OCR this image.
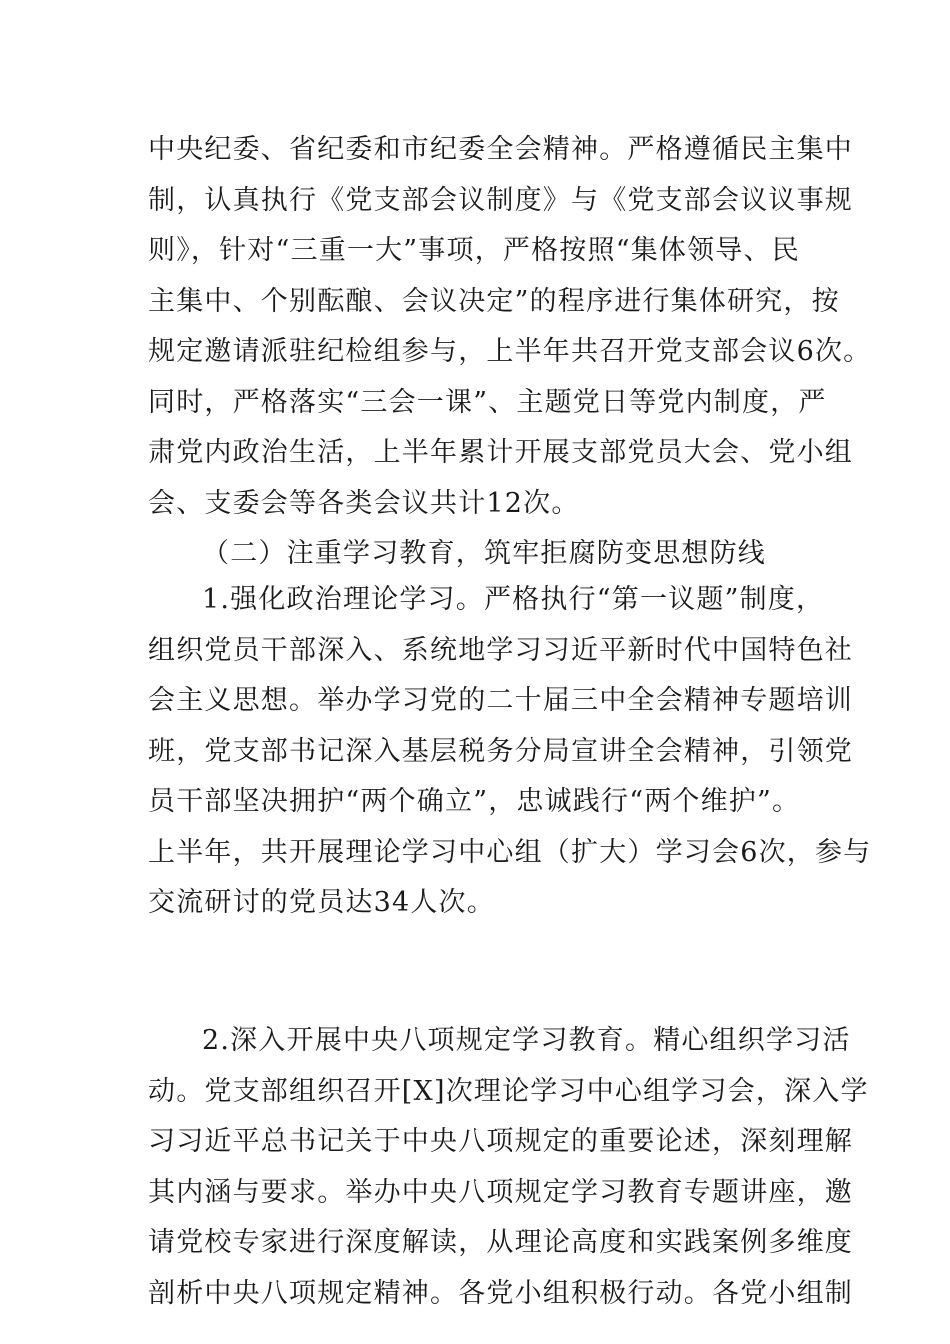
中央纪委、省纪委和市纪委全会精神。严格遵循民主集中
制，认真执行《党支部会议制度》与《党支部会议议事规
则》，针对“三重一大”事项，严格按照“集体领导、民
主集中、个别酝酿、会议决定”的程序进行集体研究，按
规定邀请派驻纪检组参与，上半年共召开党支部会议6次。
同时，严格落实“三会一课”、主题党日等党内制度，严
肃党内政治生活，上半年累计开展支部党员大会、党小组
会、支委会等各类会议共计12次。
（二）注重学习教育，筑牢拒腐防变思想防线
1.强化政治理论学习。严格执行“第一议题”制度，
组织党员干部深入、系统地学习习近平新时代中国特色社
会主义思想。举办学习党的二十届三中全会精神专题培训
班，党支部书记深入基层税务分局宣讲全会精神，引领党
员干部坚决拥护“两个确立”，忠诚践行“两个维护”。
上半年，共开展理论学习中心组（扩大）学习会6次，参与
交流研讨的党员达34人次。
2.深入开展中央八项规定学习教育。精心组织学习活
动。党支部组织召开[X]次理论学习中心组学习会，深入学
习习近平总书记关于中央八项规定的重要论述，深刻理解
其内涵与要求。举办中央八项规定学习教育专题讲座，邀
请党校专家进行深度解读，从理论高度和实践案例多维度
剖析中央八项规定精神。各党小组积极行动。各党小组制
